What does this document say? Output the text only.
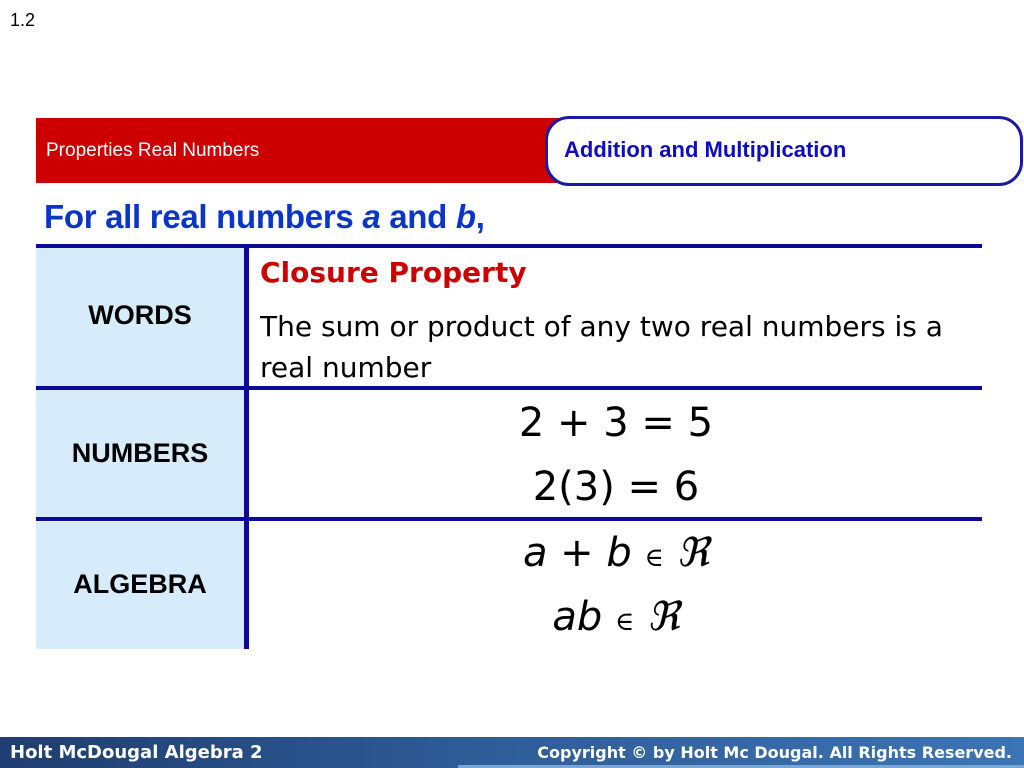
1.2
Properties Real Numbers	Addition and Multiplication
For all real numbers a and b,
WORDS
NUMBERS
ALGEBRA
Closure Property
The sum or product of any two real numbers is a real number
2 + 3 = 5
2(3) = 6
a + b ∈ ℜ
ab ∈ ℜ
Holt McDougal Algebra 2	Copyright © by Holt Mc Dougal. All Rights Reserved.
